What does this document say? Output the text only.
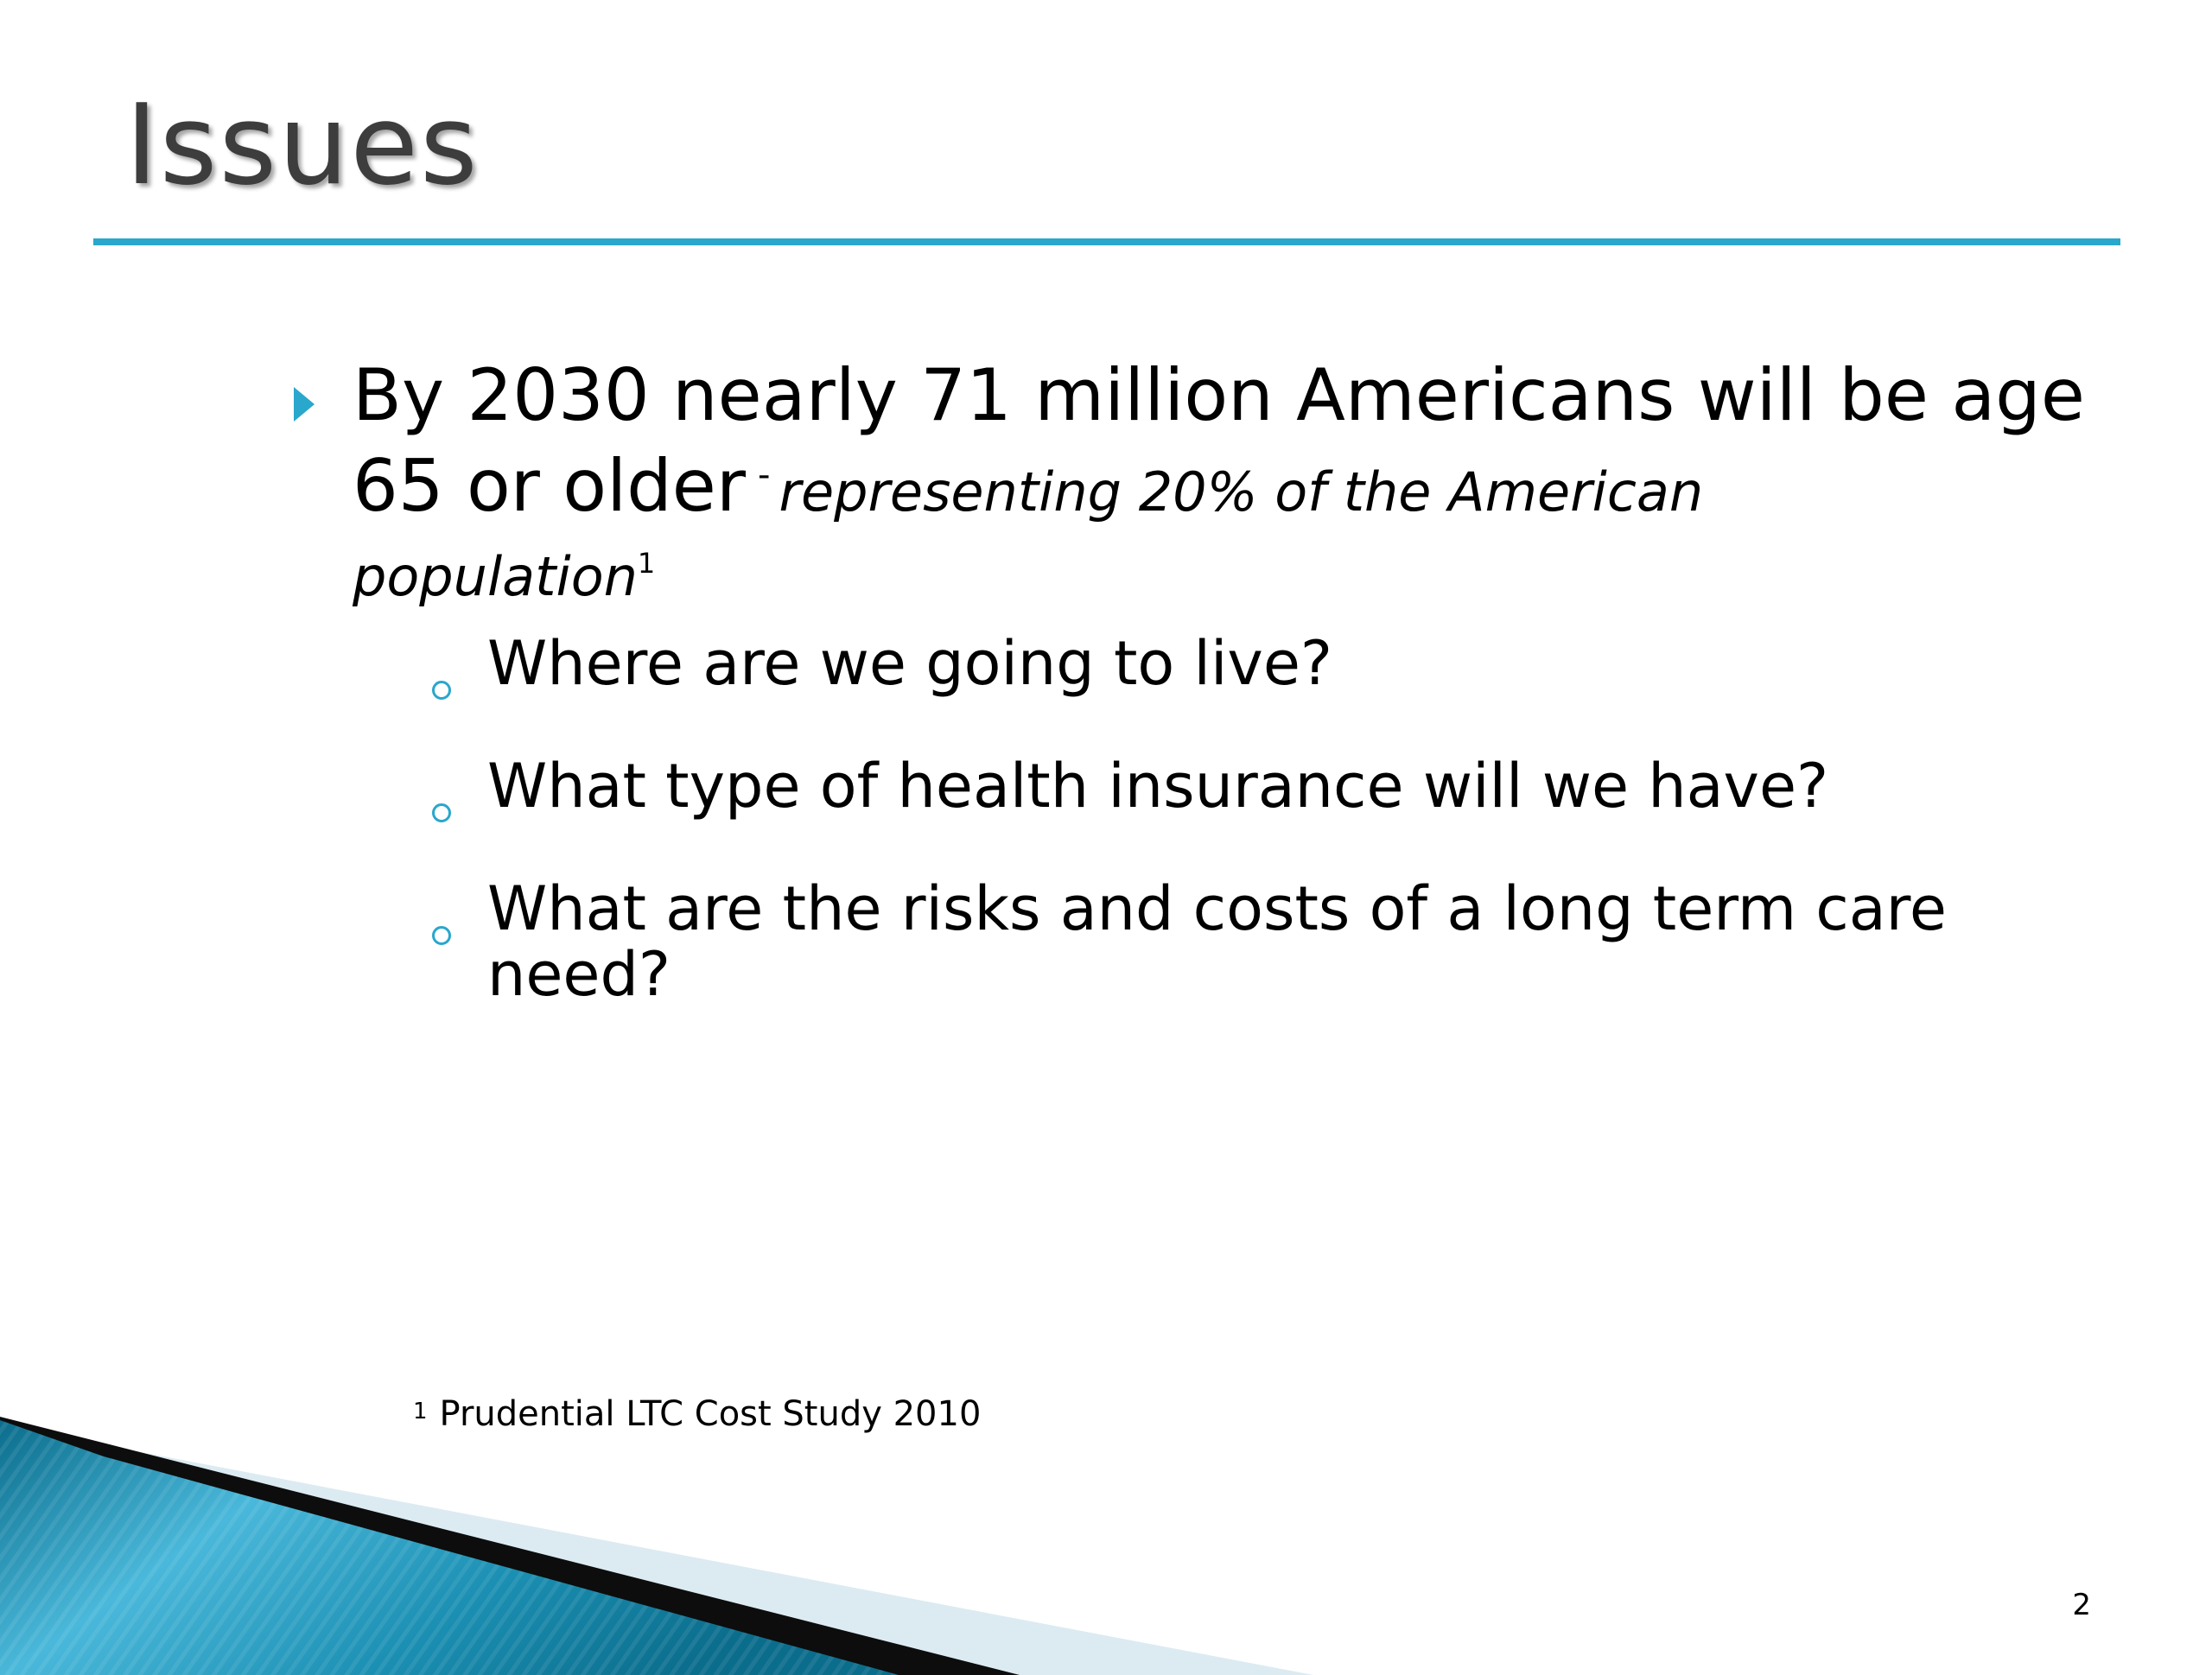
Issues

By 2030 nearly 71 million Americans will be age 65 or older - representing 20% of the American
population$^1$

Where are we going to live?

What type of health insurance will we have?

What are the risks and costs of a long term care need?

$^1$ Prudential LTC Cost Study 2010

2
